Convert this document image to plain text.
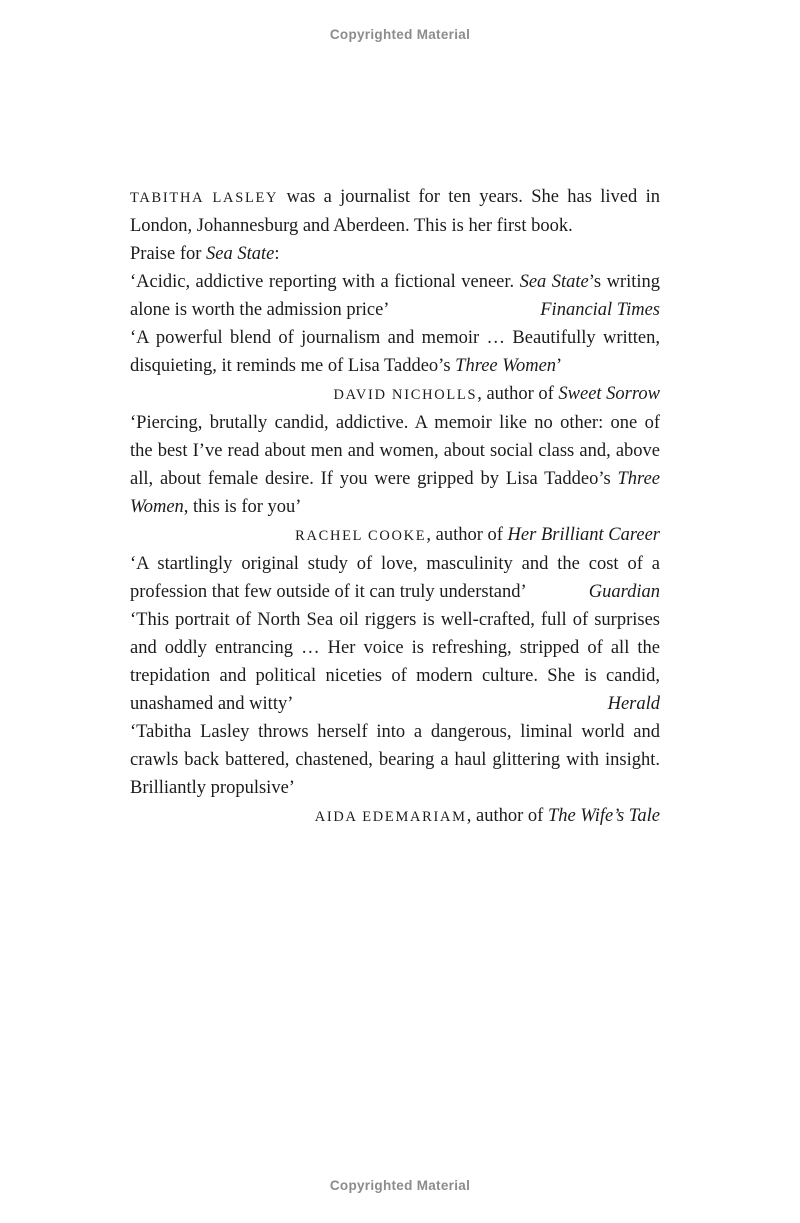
Copyrighted Material

TABITHA LASLEY was a journalist for ten years. She has lived in London, Johannesburg and Aberdeen. This is her first book.

Praise for Sea State:

‘Acidic, addictive reporting with a fictional veneer. Sea State’s writing alone is worth the admission price’	Financial Times
‘A powerful blend of journalism and memoir … Beautifully written, disquieting, it reminds me of Lisa Taddeo’s Three Women’
DAVID NICHOLLS, author of Sweet Sorrow
‘Piercing, brutally candid, addictive. A memoir like no other: one of the best I’ve read about men and women, about social class and, above all, about female desire. If you were gripped by Lisa Taddeo’s Three Women, this is for you’
RACHEL COOKE, author of Her Brilliant Career
‘A startlingly original study of love, masculinity and the cost of a profession that few outside of it can truly understand’	Guardian
‘This portrait of North Sea oil riggers is well-crafted, full of surprises and oddly entrancing … Her voice is refreshing, stripped of all the trepidation and political niceties of modern culture. She is candid, unashamed and witty’	Herald
‘Tabitha Lasley throws herself into a dangerous, liminal world and crawls back battered, chastened, bearing a haul glittering with insight. Brilliantly propulsive’
AIDA EDEMARIAM, author of The Wife’s Tale
Copyrighted Material
